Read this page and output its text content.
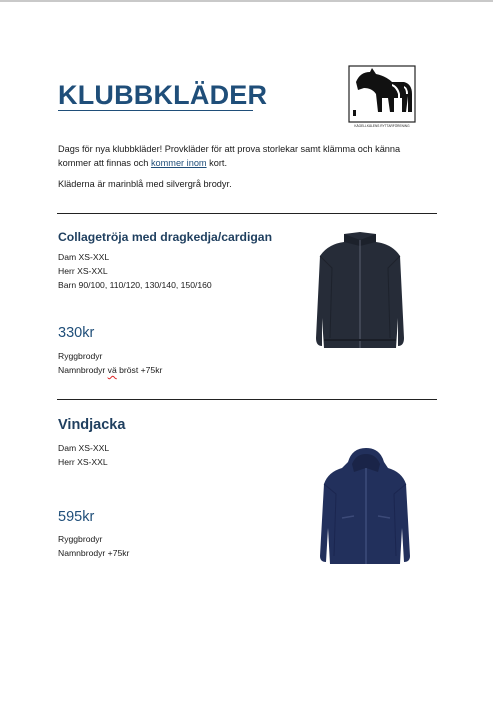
KLUBBKLÄDER
KÄGELLKÄLENS RYTTARFÖRENING
Dags för nya klubbkläder! Provkläder för att prova storlekar samt klämma och känna kommer att finnas och kommer inom kort.
Kläderna är marinblå med silvergrå brodyr.
Collagetröja med dragkedja/cardigan
Dam XS-XXL
Herr XS-XXL
Barn 90/100, 110/120, 130/140, 150/160
330kr
Ryggbrodyr
Namnbrodyr vä bröst +75kr
Vindjacka
Dam XS-XXL
Herr XS-XXL
595kr
Ryggbrodyr
Namnbrodyr +75kr
